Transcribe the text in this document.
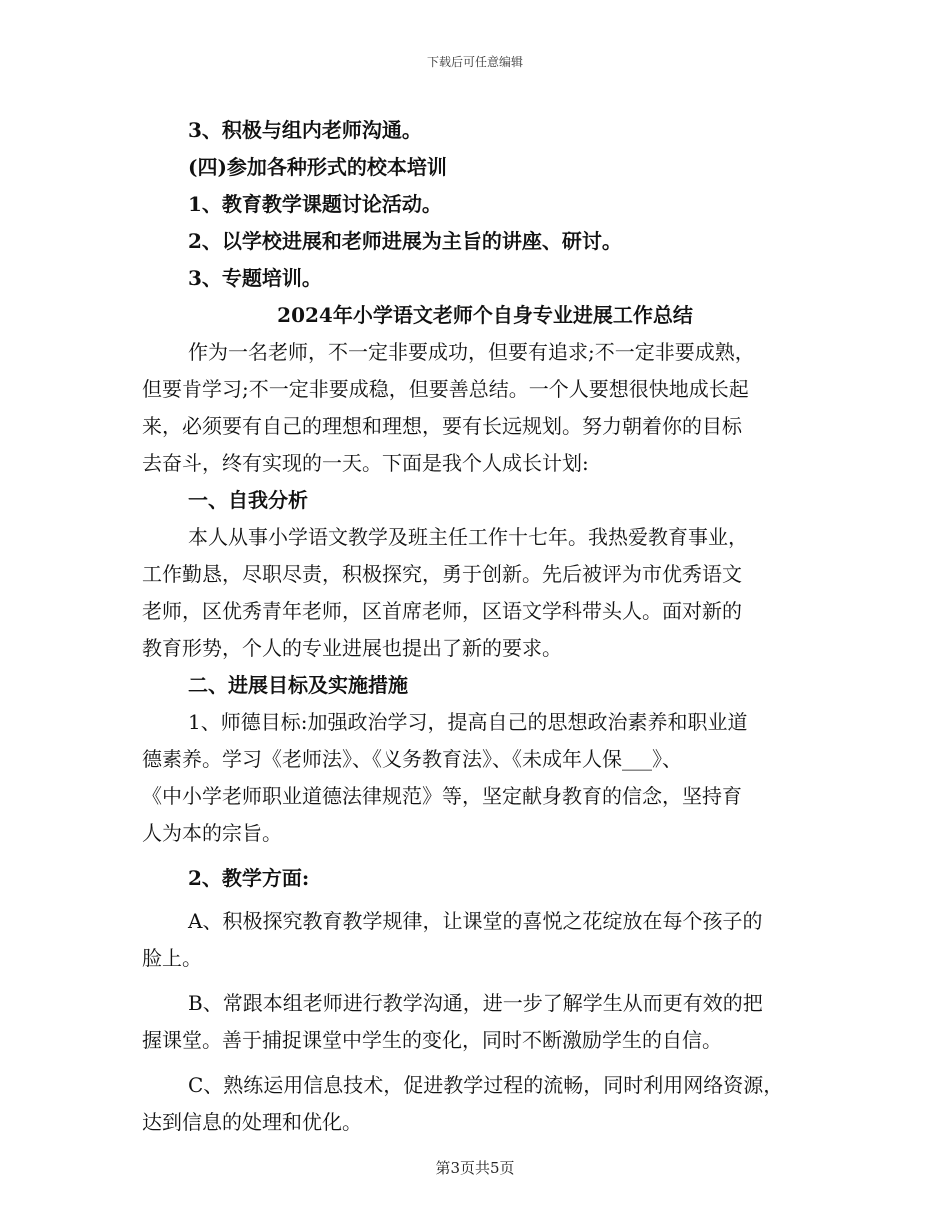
下载后可任意编辑
3、积极与组内老师沟通。
(四)参加各种形式的校本培训
1、教育教学课题讨论活动。
2、以学校进展和老师进展为主旨的讲座、研讨。
3、专题培训。
2024年小学语文老师个自身专业进展工作总结
作为一名老师，不一定非要成功，但要有追求;不一定非要成熟，
但要肯学习;不一定非要成稳，但要善总结。一个人要想很快地成长起
来，必须要有自己的理想和理想，要有长远规划。努力朝着你的目标
去奋斗，终有实现的一天。下面是我个人成长计划:
一、自我分析
本人从事小学语文教学及班主任工作十七年。我热爱教育事业，
工作勤恳，尽职尽责，积极探究，勇于创新。先后被评为市优秀语文
老师，区优秀青年老师，区首席老师，区语文学科带头人。面对新的
教育形势，个人的专业进展也提出了新的要求。
二、进展目标及实施措施
1、师德目标:加强政治学习，提高自己的思想政治素养和职业道
德素养。学习《老师法》、《义务教育法》、《未成年人保___》、
《中小学老师职业道德法律规范》等，坚定献身教育的信念，坚持育
人为本的宗旨。
2、教学方面:
A、积极探究教育教学规律，让课堂的喜悦之花绽放在每个孩子的
脸上。
B、常跟本组老师进行教学沟通，进一步了解学生从而更有效的把
握课堂。善于捕捉课堂中学生的变化，同时不断激励学生的自信。
C、熟练运用信息技术，促进教学过程的流畅，同时利用网络资源，
达到信息的处理和优化。
第3页共5页
